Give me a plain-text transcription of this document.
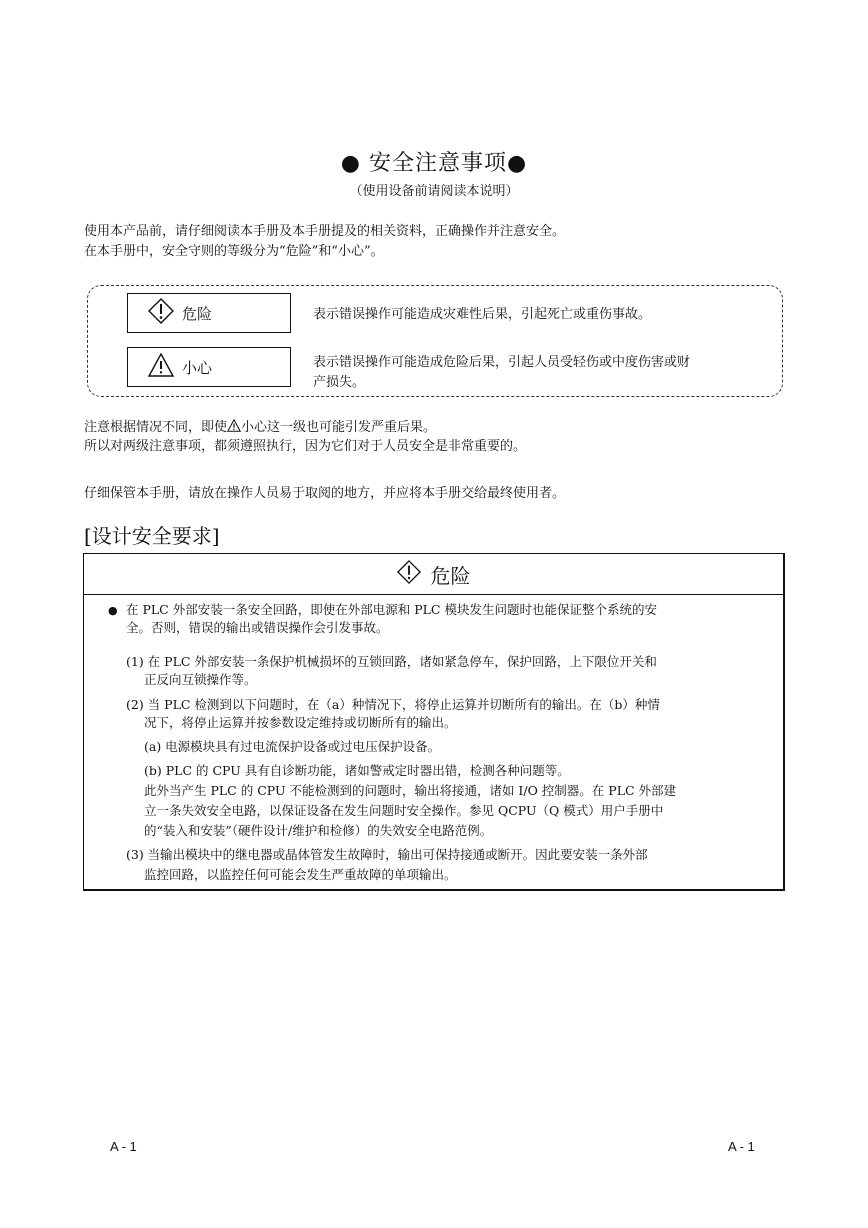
● 安全注意事项●
（使用设备前请阅读本说明）
使用本产品前，请仔细阅读本手册及本手册提及的相关资料，正确操作并注意安全。
在本手册中，安全守则的等级分为“危险”和“小心”。
危险	表示错误操作可能造成灾难性后果，引起死亡或重伤事故。
小心	表示错误操作可能造成危险后果，引起人员受轻伤或中度伤害或财
产损失。
注意根据情况不同，即使 小心这一级也可能引发严重后果。
所以对两级注意事项，都须遵照执行，因为它们对于人员安全是非常重要的。
仔细保管本手册，请放在操作人员易于取阅的地方，并应将本手册交给最终使用者。
[设计安全要求]
危险
● 在 PLC 外部安装一条安全回路，即使在外部电源和 PLC 模块发生问题时也能保证整个系统的安
全。否则，错误的输出或错误操作会引发事故。
(1) 在 PLC 外部安装一条保护机械损坏的互锁回路，诸如紧急停车，保护回路，上下限位开关和
正反向互锁操作等。
(2) 当 PLC 检测到以下问题时，在（a）种情况下，将停止运算并切断所有的输出。在（b）种情
况下，将停止运算并按参数设定维持或切断所有的输出。
(a) 电源模块具有过电流保护设备或过电压保护设备。
(b) PLC 的 CPU 具有自诊断功能，诸如警戒定时器出错，检测各种问题等。
此外当产生 PLC 的 CPU 不能检测到的问题时，输出将接通，诸如 I/O 控制器。在 PLC 外部建
立一条失效安全电路，以保证设备在发生问题时安全操作。参见 QCPU（Q 模式）用户手册中
的“装入和安装”（硬件设计/维护和检修）的失效安全电路范例。
(3) 当输出模块中的继电器或晶体管发生故障时，输出可保持接通或断开。因此要安装一条外部
监控回路，以监控任何可能会发生严重故障的单项输出。
A - 1	A - 1
